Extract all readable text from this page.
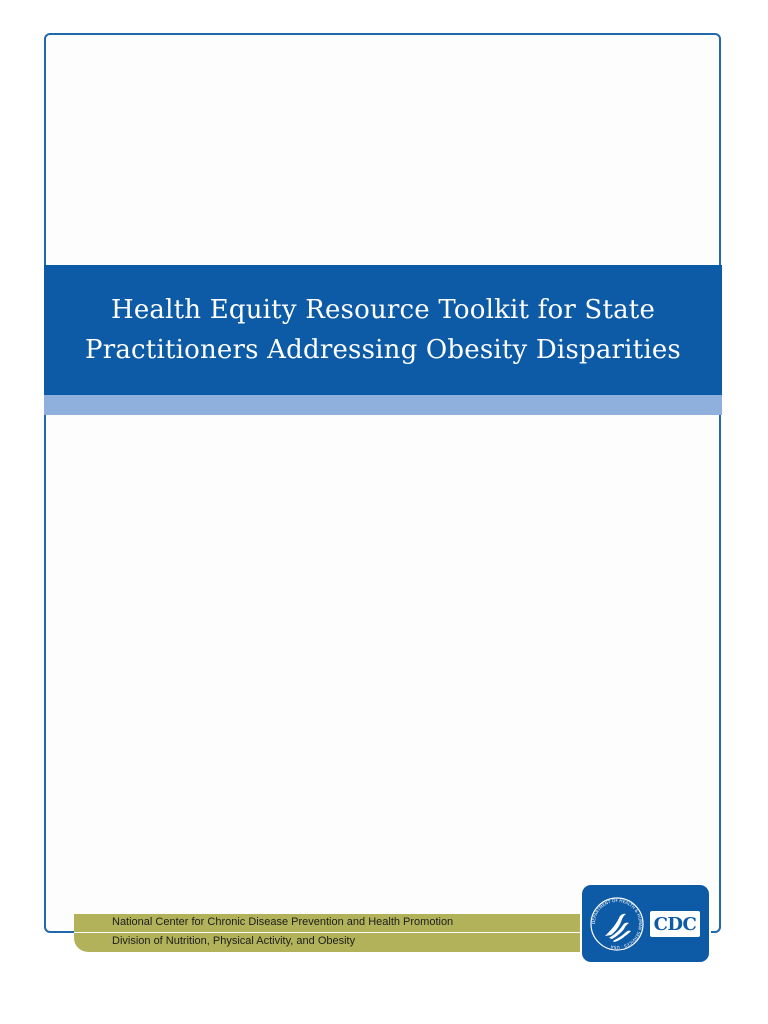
Health Equity Resource Toolkit for State
Practitioners Addressing Obesity Disparities
National Center for Chronic Disease Prevention and Health Promotion
Division of Nutrition, Physical Activity, and Obesity
DEPARTMENT OF HEALTH & HUMAN SERVICES · USA
CDC
